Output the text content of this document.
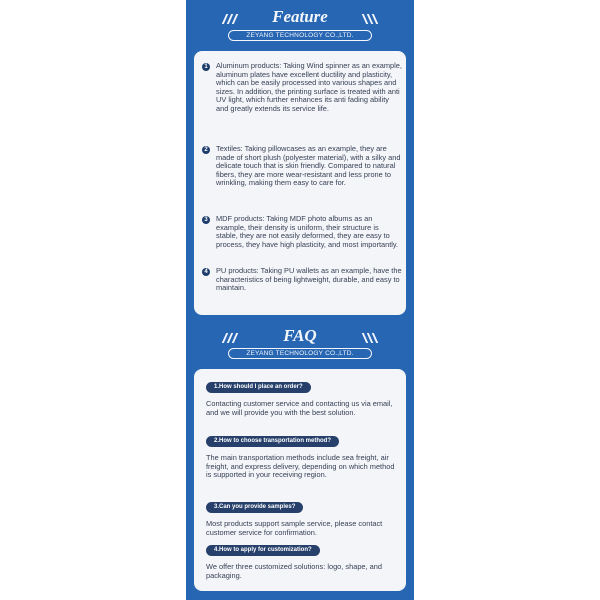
Feature
ZEYANG TECHNOLOGY CO.,LTD.
1	Aluminum products: Taking Wind spinner as an example, aluminum plates have excellent ductility and plasticity, which can be easily processed into various shapes and sizes. In addition, the printing surface is treated with anti UV light, which further enhances its anti fading ability and greatly extends its service life.
2	Textiles: Taking pillowcases as an example, they are made of short plush (polyester material), with a silky and delicate touch that is skin friendly. Compared to natural fibers, they are more wear-resistant and less prone to wrinkling, making them easy to care for.
3	MDF products: Taking MDF photo albums as an example, their density is uniform, their structure is stable, they are not easily deformed, they are easy to process, they have high plasticity, and most importantly.
4	PU products: Taking PU wallets as an example, have the characteristics of being lightweight, durable, and easy to maintain.
FAQ
ZEYANG TECHNOLOGY CO.,LTD.
1.How should I place an order?
Contacting customer service and contacting us via email, and we will provide you with the best solution.
2.How to choose transportation method?
The main transportation methods include sea freight, air freight, and express delivery, depending on which method is supported in your receiving region.
3.Can you provide samples?
Most products support sample service, please contact customer service for confirmation.
4.How to apply for customization?
We offer three customized solutions: logo, shape, and packaging.
